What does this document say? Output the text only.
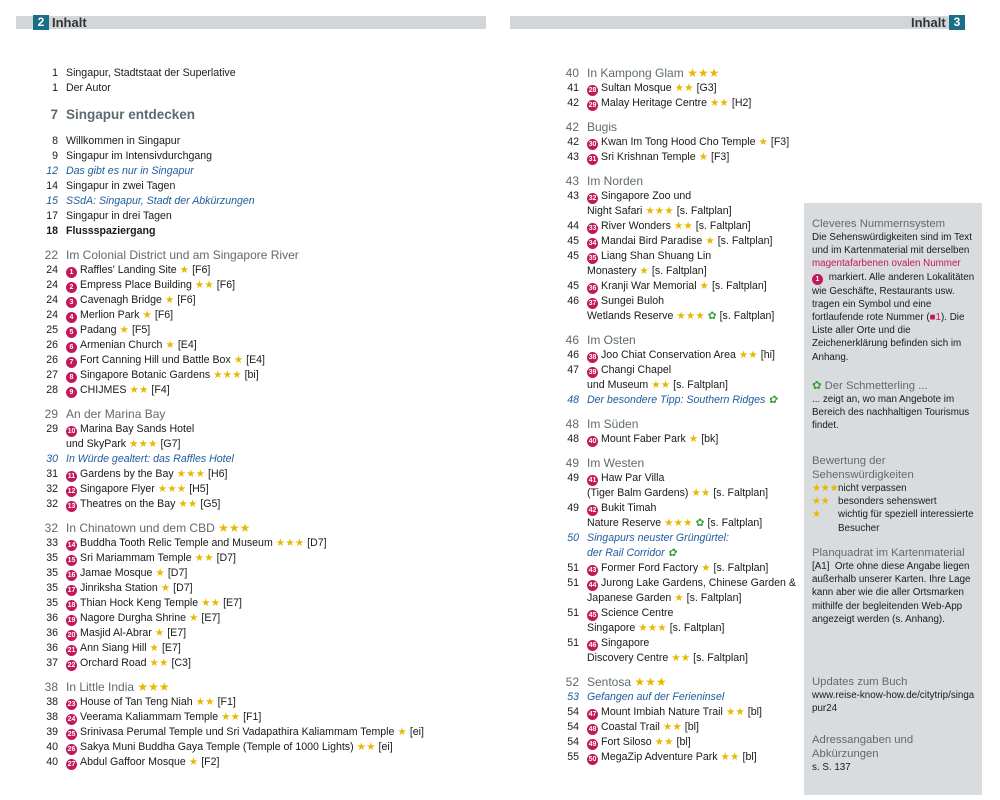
2 Inhalt	Inhalt 3
1 Singapur, Stadtstaat der Superlative
1 Der Autor
7 Singapur entdecken
8 Willkommen in Singapur
9 Singapur im Intensivdurchgang
12 Das gibt es nur in Singapur
14 Singapur in zwei Tagen
15 SSdA: Singapur, Stadt der Abkürzungen
17 Singapur in drei Tagen
18 Flussspaziergang
22 Im Colonial District und am Singapore River
24	1 Raffles' Landing Site ★ [F6]
24	2 Empress Place Building ★★ [F6]
24	3 Cavenagh Bridge ★ [F6]
24	4 Merlion Park ★ [F6]
25	5 Padang ★ [F5]
26	6 Armenian Church ★ [E4]
26	7 Fort Canning Hill und Battle Box ★ [E4]
27	8 Singapore Botanic Gardens ★★★ [bi]
28	9 CHIJMES ★★ [F4]
29 An der Marina Bay
29	10 Marina Bay Sands Hotel
und SkyPark ★★★ [G7]
30 In Würde gealtert: das Raffles Hotel
31	11 Gardens by the Bay ★★★ [H6]
32	12 Singapore Flyer ★★★ [H5]
32	13 Theatres on the Bay ★★ [G5]
32 In Chinatown und dem CBD ★★★
33	14 Buddha Tooth Relic Temple and Museum ★★★ [D7]
35	15 Sri Mariammam Temple ★★ [D7]
35	16 Jamae Mosque ★ [D7]
35	17 Jinriksha Station ★ [D7]
35	18 Thian Hock Keng Temple ★★ [E7]
36	19 Nagore Durgha Shrine ★ [E7]
36	20 Masjid Al-Abrar ★ [E7]
36	21 Ann Siang Hill ★ [E7]
37	22 Orchard Road ★★ [C3]
38 In Little India ★★★
38	23 House of Tan Teng Niah ★★ [F1]
38	24 Veerama Kaliammam Temple ★★ [F1]
39	25 Srinivasa Perumal Temple und Sri Vadapathira Kaliammam Temple ★ [ei]
40	26 Sakya Muni Buddha Gaya Temple (Temple of 1000 Lights) ★★ [ei]
40	27 Abdul Gaffoor Mosque ★ [F2]
40 In Kampong Glam ★★★
41	28 Sultan Mosque ★★ [G3]
42	29 Malay Heritage Centre ★★ [H2]
42 Bugis
42	30 Kwan Im Tong Hood Cho Temple ★ [F3]
43	31 Sri Krishnan Temple ★ [F3]
43 Im Norden
43	32 Singapore Zoo und
Night Safari ★★★ [s. Faltplan]
44	33 River Wonders ★★ [s. Faltplan]
45	34 Mandai Bird Paradise ★ [s. Faltplan]
45	35 Liang Shan Shuang Lin
Monastery ★ [s. Faltplan]
45	36 Kranji War Memorial ★ [s. Faltplan]
46	37 Sungei Buloh
Wetlands Reserve ★★★ ✿ [s. Faltplan]
46 Im Osten
46	38 Joo Chiat Conservation Area ★★ [hi]
47	39 Changi Chapel
und Museum ★★ [s. Faltplan]
48 Der besondere Tipp: Southern Ridges ✿
48 Im Süden
48	40 Mount Faber Park ★ [bk]
49 Im Westen
49	41 Haw Par Villa
(Tiger Balm Gardens) ★★ [s. Faltplan]
49	42 Bukit Timah
Nature Reserve ★★★ ✿ [s. Faltplan]
50 Singapurs neuster Grüngürtel:
der Rail Corridor ✿
51	43 Former Ford Factory ★ [s. Faltplan]
51	44 Jurong Lake Gardens, Chinese Garden &
Japanese Garden ★ [s. Faltplan]
51	45 Science Centre
Singapore ★★★ [s. Faltplan]
51	46 Singapore
Discovery Centre ★★ [s. Faltplan]
52 Sentosa ★★★
53 Gefangen auf der Ferieninsel
54	47 Mount Imbiah Nature Trail ★★ [bl]
54	48 Coastal Trail ★★ [bl]
54	49 Fort Siloso ★★ [bl]
55	50 MegaZip Adventure Park ★★ [bl]
Cleveres Nummernsystem
Die Sehenswürdigkeiten sind im Text und im Kartenmaterial mit derselben magentafarbenen ovalen Nummer 1 markiert. Alle anderen Lokalitäten wie Geschäfte, Restaurants usw. tragen ein Symbol und eine fortlaufende rote Nummer (■1). Die Liste aller Orte und die Zeichenerklärung befinden sich im Anhang.
✿ Der Schmetterling ...
... zeigt an, wo man Angebote im Bereich des nachhaltigen Tourismus findet.
Bewertung der Sehenswürdigkeiten
★★★ nicht verpassen
★★ besonders sehenswert
★	wichtig für speziell interessierte Besucher
Planquadrat im Kartenmaterial
[A1] Orte ohne diese Angabe liegen außerhalb unserer Karten. Ihre Lage kann aber wie die aller Ortsmarken mithilfe der begleitenden Web-App angezeigt werden (s. Anhang).
Updates zum Buch
www.reise-know-how.de/citytrip/singapur24
Adressangaben und Abkürzungen
s. S. 137
